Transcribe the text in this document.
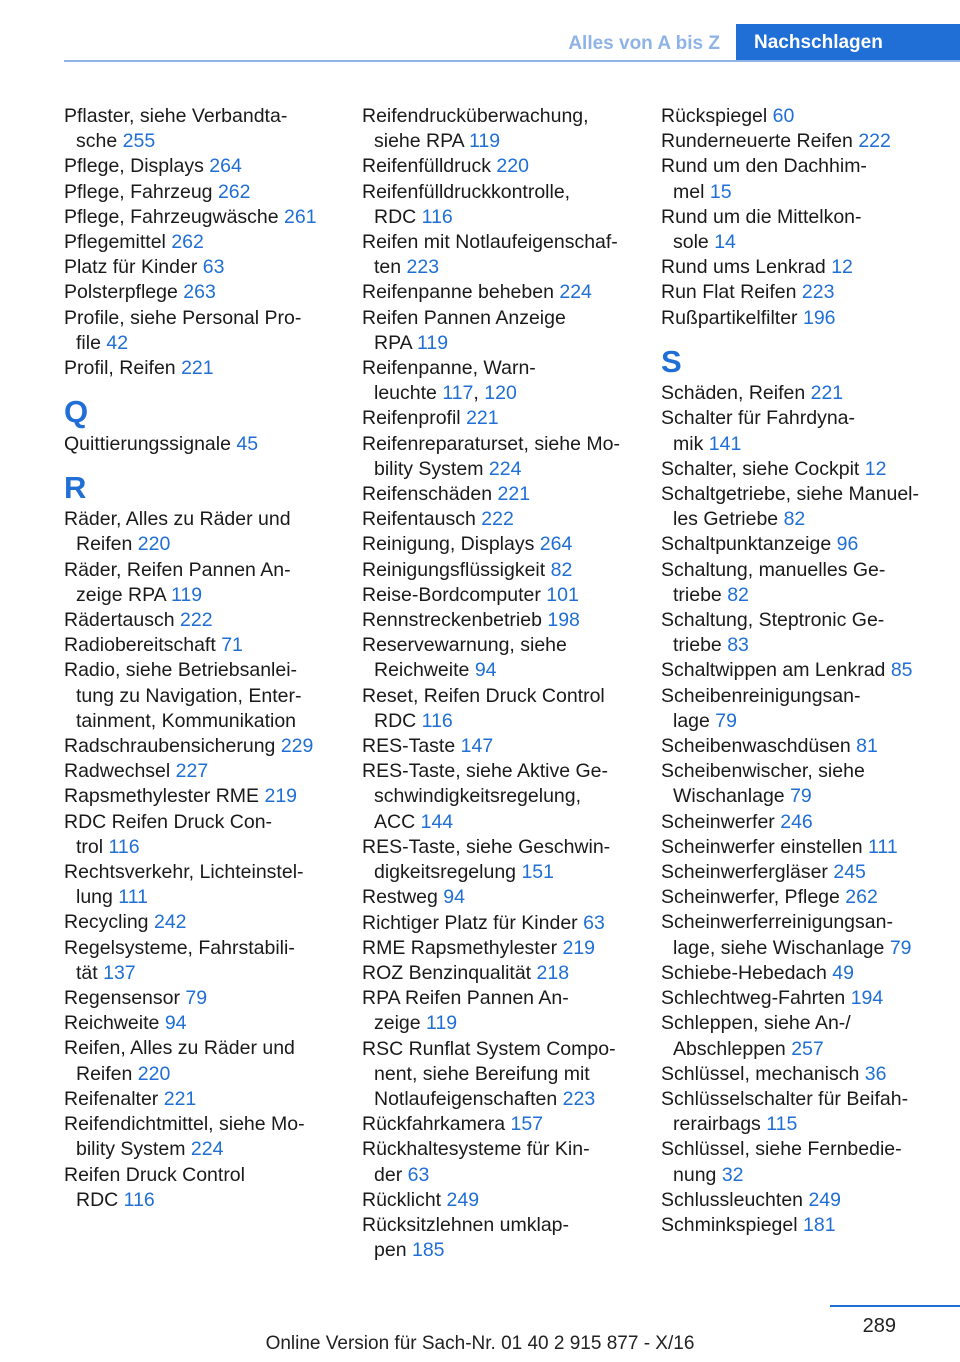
Alles von A bis Z	Nachschlagen
Pflaster, siehe Verbandta-
sche 255
Pflege, Displays 264
Pflege, Fahrzeug 262
Pflege, Fahrzeugwäsche 261
Pflegemittel 262
Platz für Kinder 63
Polsterpflege 263
Profile, siehe Personal Pro-
file 42
Profil, Reifen 221
Q
Quittierungssignale 45
R
Räder, Alles zu Räder und
Reifen 220
Räder, Reifen Pannen An-
zeige RPA 119
Rädertausch 222
Radiobereitschaft 71
Radio, siehe Betriebsanlei-
tung zu Navigation, Enter-
tainment, Kommunikation
Radschraubensicherung 229
Radwechsel 227
Rapsmethylester RME 219
RDC Reifen Druck Con-
trol 116
Rechtsverkehr, Lichteinstel-
lung 111
Recycling 242
Regelsysteme, Fahrstabili-
tät 137
Regensensor 79
Reichweite 94
Reifen, Alles zu Räder und
Reifen 220
Reifenalter 221
Reifendichtmittel, siehe Mo-
bility System 224
Reifen Druck Control
RDC 116
Reifendrucküberwachung,
siehe RPA 119
Reifenfülldruck 220
Reifenfülldruckkontrolle,
RDC 116
Reifen mit Notlaufeigenschaf-
ten 223
Reifenpanne beheben 224
Reifen Pannen Anzeige
RPA 119
Reifenpanne, Warn-
leuchte 117, 120
Reifenprofil 221
Reifenreparaturset, siehe Mo-
bility System 224
Reifenschäden 221
Reifentausch 222
Reinigung, Displays 264
Reinigungsflüssigkeit 82
Reise-Bordcomputer 101
Rennstreckenbetrieb 198
Reservewarnung, siehe
Reichweite 94
Reset, Reifen Druck Control
RDC 116
RES-Taste 147
RES-Taste, siehe Aktive Ge-
schwindigkeitsregelung,
ACC 144
RES-Taste, siehe Geschwin-
digkeitsregelung 151
Restweg 94
Richtiger Platz für Kinder 63
RME Rapsmethylester 219
ROZ Benzinqualität 218
RPA Reifen Pannen An-
zeige 119
RSC Runflat System Compo-
nent, siehe Bereifung mit
Notlaufeigenschaften 223
Rückfahrkamera 157
Rückhaltesysteme für Kin-
der 63
Rücklicht 249
Rücksitzlehnen umklap-
pen 185
Rückspiegel 60
Runderneuerte Reifen 222
Rund um den Dachhim-
mel 15
Rund um die Mittelkon-
sole 14
Rund ums Lenkrad 12
Run Flat Reifen 223
Rußpartikelfilter 196
S
Schäden, Reifen 221
Schalter für Fahrdyna-
mik 141
Schalter, siehe Cockpit 12
Schaltgetriebe, siehe Manuel-
les Getriebe 82
Schaltpunktanzeige 96
Schaltung, manuelles Ge-
triebe 82
Schaltung, Steptronic Ge-
triebe 83
Schaltwippen am Lenkrad 85
Scheibenreinigungsan-
lage 79
Scheibenwaschdüsen 81
Scheibenwischer, siehe
Wischanlage 79
Scheinwerfer 246
Scheinwerfer einstellen 111
Scheinwerfergläser 245
Scheinwerfer, Pflege 262
Scheinwerferreinigungsan-
lage, siehe Wischanlage 79
Schiebe-Hebedach 49
Schlechtweg-Fahrten 194
Schleppen, siehe An-/
Abschleppen 257
Schlüssel, mechanisch 36
Schlüsselschalter für Beifah-
rerairbags 115
Schlüssel, siehe Fernbedie-
nung 32
Schlussleuchten 249
Schminkspiegel 181
289
Online Version für Sach-Nr. 01 40 2 915 877 - X/16
